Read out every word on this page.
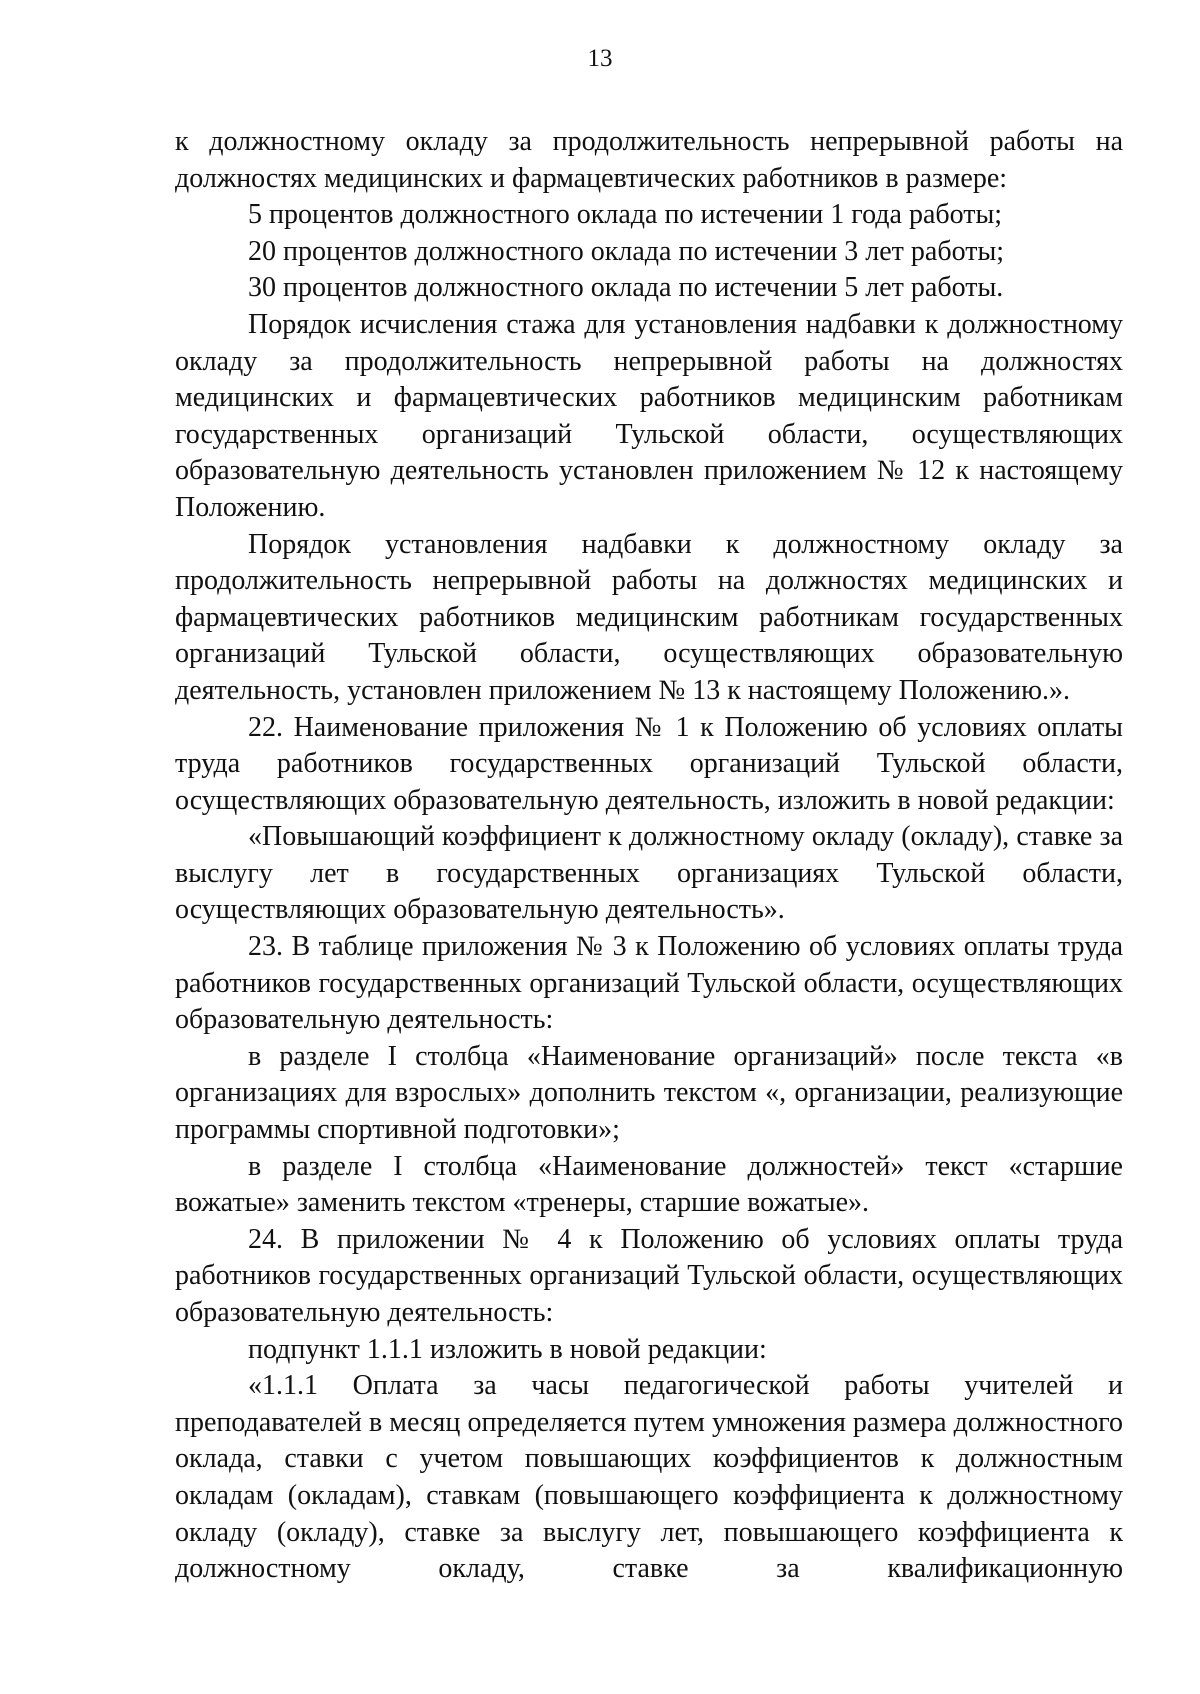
13

к должностному окладу за продолжительность непрерывной работы на должностях медицинских и фармацевтических работников в размере:

5 процентов должностного оклада по истечении 1 года работы;

20 процентов должностного оклада по истечении 3 лет работы;

30 процентов должностного оклада по истечении 5 лет работы.

Порядок исчисления стажа для установления надбавки к должностному окладу за продолжительность непрерывной работы на должностях медицинских и фармацевтических работников медицинским работникам государственных организаций Тульской области, осуществляющих образовательную деятельность установлен приложением № 12 к настоящему Положению.

Порядок установления надбавки к должностному окладу за продолжительность непрерывной работы на должностях медицинских и фармацевтических работников медицинским работникам государственных организаций Тульской области, осуществляющих образовательную деятельность, установлен приложением № 13 к настоящему Положению.».

22. Наименование приложения № 1 к Положению об условиях оплаты труда работников государственных организаций Тульской области, осуществляющих образовательную деятельность, изложить в новой редакции:

«Повышающий коэффициент к должностному окладу (окладу), ставке за выслугу лет в государственных организациях Тульской области, осуществляющих образовательную деятельность».

23. В таблице приложения № 3 к Положению об условиях оплаты труда работников государственных организаций Тульской области, осуществляющих образовательную деятельность:

в разделе I столбца «Наименование организаций» после текста «в организациях для взрослых» дополнить текстом «, организации, реализующие программы спортивной подготовки»;

в разделе I столбца «Наименование должностей» текст «старшие вожатые» заменить текстом «тренеры, старшие вожатые».

24. В приложении № 4 к Положению об условиях оплаты труда работников государственных организаций Тульской области, осуществляющих образовательную деятельность:

подпункт 1.1.1 изложить в новой редакции:

«1.1.1 Оплата за часы педагогической работы учителей и преподавателей в месяц определяется путем умножения размера должностного оклада, ставки с учетом повышающих коэффициентов к должностным окладам (окладам), ставкам (повышающего коэффициента к должностному окладу (окладу), ставке за выслугу лет, повышающего коэффициента к должностному окладу, ставке за квалификационную
